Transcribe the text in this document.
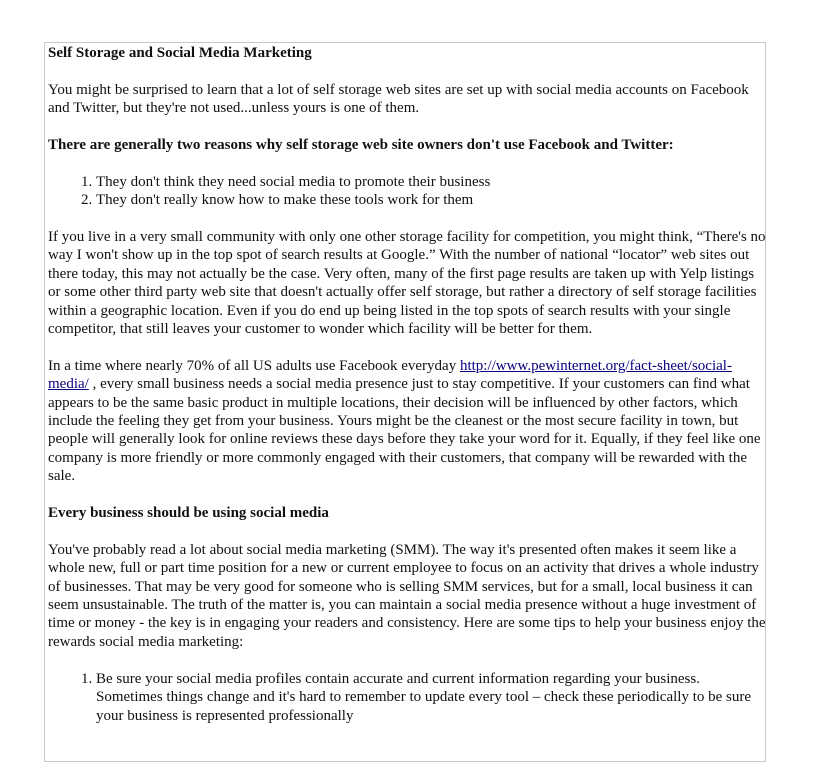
Self Storage and Social Media Marketing

You might be surprised to learn that a lot of self storage web sites are set up with social media accounts on Facebook and Twitter, but they're not used...unless yours is one of them.

There are generally two reasons why self storage web site owners don't use Facebook and Twitter:
1. They don't think they need social media to promote their business
2. They don't really know how to make these tools work for them

If you live in a very small community with only one other storage facility for competition, you might think, “There's no way I won't show up in the top spot of search results at Google.” With the number of national “locator” web sites out there today, this may not actually be the case. Very often, many of the first page results are taken up with Yelp listings or some other third party web site that doesn't actually offer self storage, but rather a directory of self storage facilities within a geographic location. Even if you do end up being listed in the top spots of search results with your single competitor, that still leaves your customer to wonder which facility will be better for them.

In a time where nearly 70% of all US adults use Facebook everyday http://www.pewinternet.org/fact-sheet/social-media/ , every small business needs a social media presence just to stay competitive. If your customers can find what appears to be the same basic product in multiple locations, their decision will be influenced by other factors, which include the feeling they get from your business. Yours might be the cleanest or the most secure facility in town, but people will generally look for online reviews these days before they take your word for it. Equally, if they feel like one company is more friendly or more commonly engaged with their customers, that company will be rewarded with the sale.

Every business should be using social media

You've probably read a lot about social media marketing (SMM). The way it's presented often makes it seem like a whole new, full or part time position for a new or current employee to focus on an activity that drives a whole industry of businesses. That may be very good for someone who is selling SMM services, but for a small, local business it can seem unsustainable. The truth of the matter is, you can maintain a social media presence without a huge investment of time or money - the key is in engaging your readers and consistency. Here are some tips to help your business enjoy the rewards social media marketing:

1. Be sure your social media profiles contain accurate and current information regarding your business. Sometimes things change and it's hard to remember to update every tool – check these periodically to be sure your business is represented professionally
